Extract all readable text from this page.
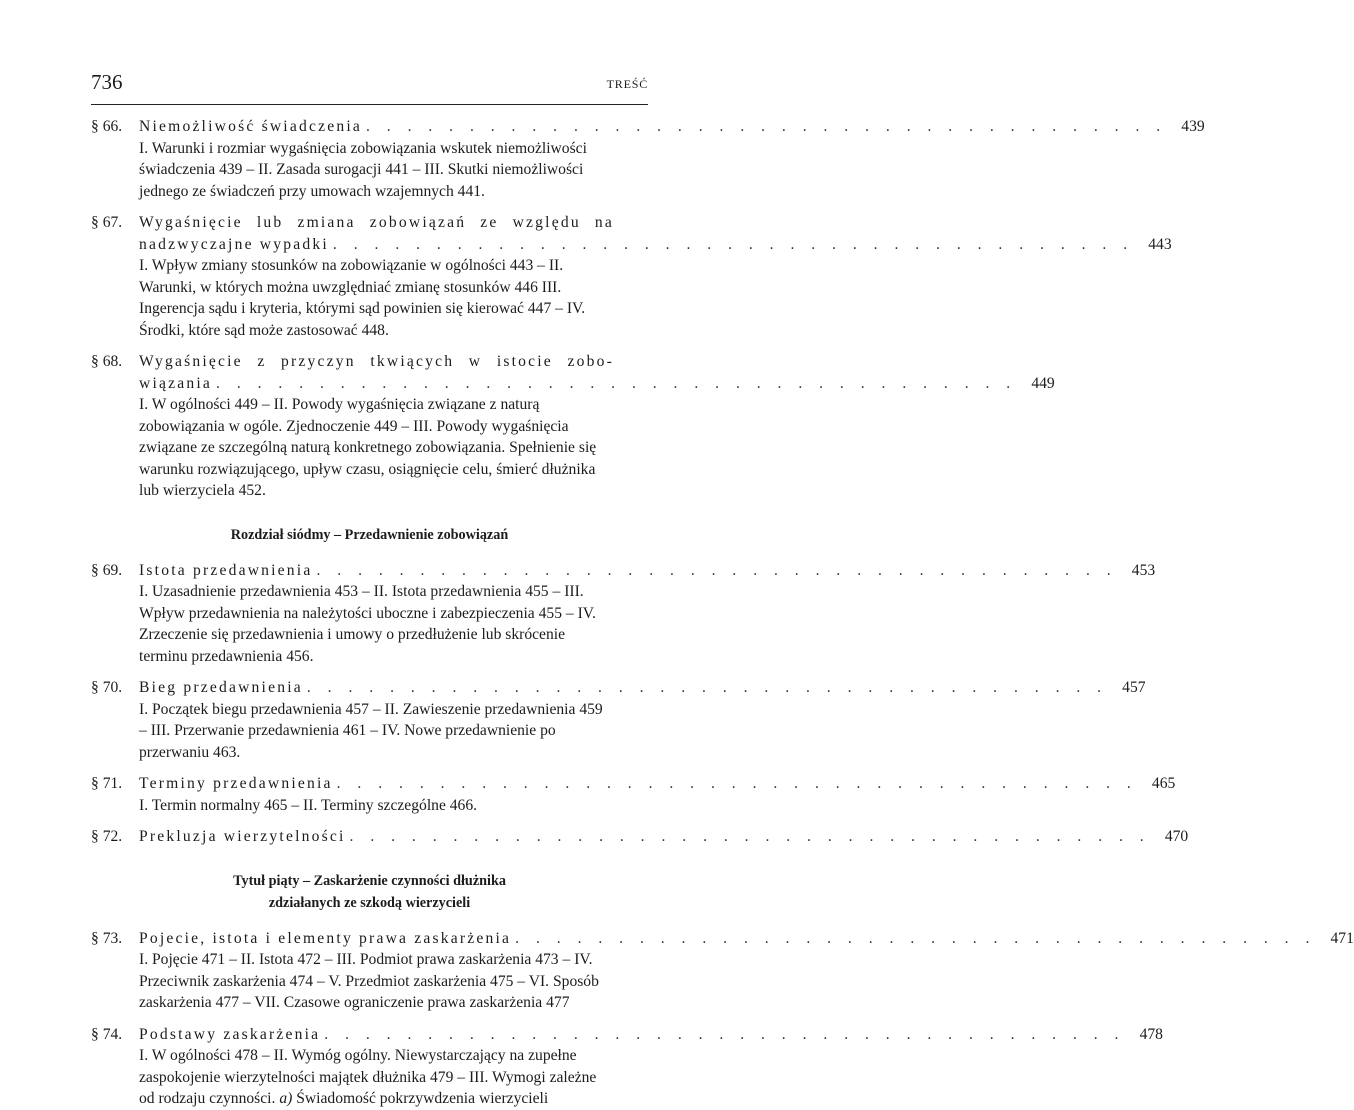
736	TREŚĆ
§ 66.	Niemożliwość świadczenia . . . . . . . . . . . . . . . . . . . . . . . . . . . . . . . . . . . . . . . 439
I. Warunki i rozmiar wygaśnięcia zobowiązania wskutek niemożliwości świadczenia 439 – II. Zasada surogacji 441 – III. Skutki niemożliwości jednego ze świadczeń przy umowach wzajemnych 441.
§ 67.	Wygaśnięcie lub zmiana zobowiązań ze względu na
nadzwyczajne wypadki . . . . . . . . . . . . . . . . . . . . . . . . . . . . . . . . . . . . . . . 443
I. Wpływ zmiany stosunków na zobowiązanie w ogólności 443 – II. Warunki, w których można uwzględniać zmianę stosunków 446 III. Ingerencja sądu i kryteria, którymi sąd powinien się kierować 447 – IV. Środki, które sąd może zastosować 448.
§ 68.	Wygaśnięcie z przyczyn tkwiących w istocie zobo-
wiązania . . . . . . . . . . . . . . . . . . . . . . . . . . . . . . . . . . . . . . . 449
I. W ogólności 449 – II. Powody wygaśnięcia związane z naturą zobowiązania w ogóle. Zjednoczenie 449 – III. Powody wygaśnięcia związane ze szczególną naturą konkretnego zobowiązania. Spełnienie się warunku rozwiązującego, upływ czasu, osiągnięcie celu, śmierć dłużnika lub wierzyciela 452.
Rozdział siódmy – Przedawnienie zobowiązań
§ 69.	Istota przedawnienia . . . . . . . . . . . . . . . . . . . . . . . . . . . . . . . . . . . . . . . 453
I. Uzasadnienie przedawnienia 453 – II. Istota przedawnienia 455 – III. Wpływ przedawnienia na należytości uboczne i zabezpieczenia 455 – IV. Zrzeczenie się przedawnienia i umowy o przedłużenie lub skrócenie terminu przedawnienia 456.
§ 70.	Bieg przedawnienia . . . . . . . . . . . . . . . . . . . . . . . . . . . . . . . . . . . . . . . 457
I. Początek biegu przedawnienia 457 – II. Zawieszenie przedawnienia 459 – III. Przerwanie przedawnienia 461 – IV. Nowe przedawnienie po przerwaniu 463.
§ 71.	Terminy przedawnienia . . . . . . . . . . . . . . . . . . . . . . . . . . . . . . . . . . . . . . . 465
I. Termin normalny 465 – II. Terminy szczególne 466.
§ 72.	Prekluzja wierzytelności . . . . . . . . . . . . . . . . . . . . . . . . . . . . . . . . . . . . . . . 470
Tytuł piąty – Zaskarżenie czynności dłużnika
zdziałanych ze szkodą wierzycieli
§ 73.	Pojecie, istota i elementy prawa zaskarżenia . . . . . . . . . . . . . . . . . . . . . . . . . . . . . . . . . . . . . . . 471
I. Pojęcie 471 – II. Istota 472 – III. Podmiot prawa zaskarżenia 473 – IV. Przeciwnik zaskarżenia 474 – V. Przedmiot zaskarżenia 475 – VI. Sposób zaskarżenia 477 – VII. Czasowe ograniczenie prawa zaskarżenia 477
§ 74.	Podstawy zaskarżenia . . . . . . . . . . . . . . . . . . . . . . . . . . . . . . . . . . . . . . . 478
I. W ogólności 478 – II. Wymóg ogólny. Niewystarczający na zupełne zaspokojenie wierzytelności majątek dłużnika 479 – III. Wymogi zależne od rodzaju czynności. a) Świadomość pokrzywdzenia wierzycieli
